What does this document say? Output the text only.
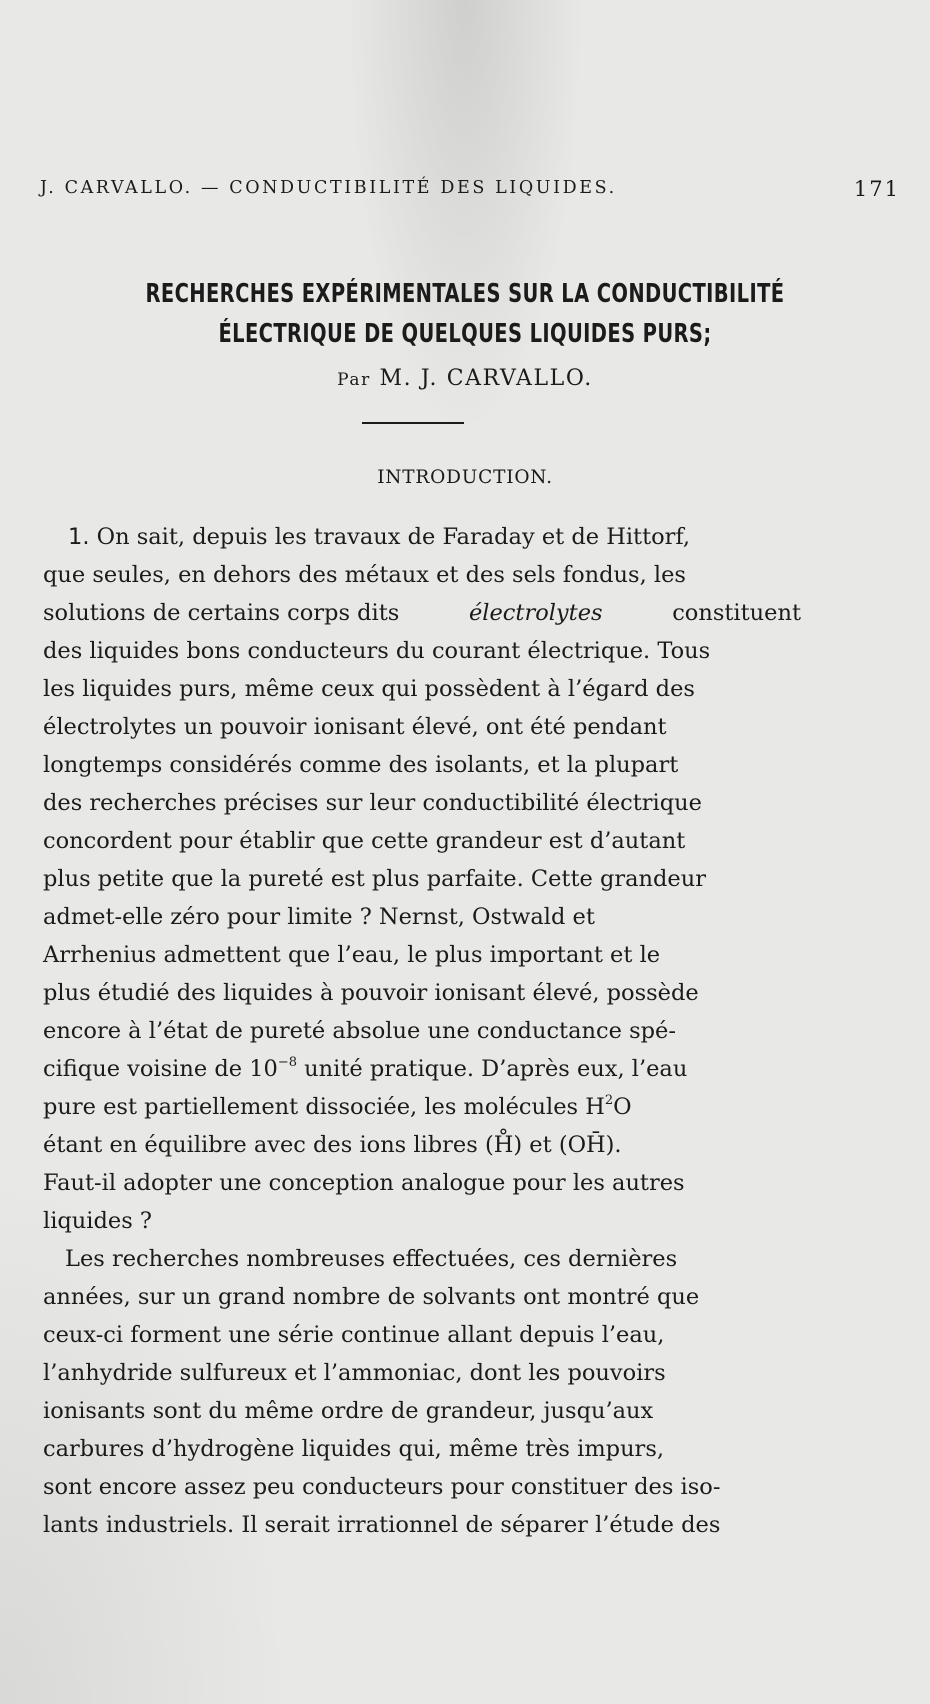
J. CARVALLO. — CONDUCTIBILITÉ DES LIQUIDES.	171
RECHERCHES EXPÉRIMENTALES SUR LA CONDUCTIBILITÉ
ÉLECTRIQUE DE QUELQUES LIQUIDES PURS;
Par M. J. CARVALLO.
INTRODUCTION.
1. On sait, depuis les travaux de Faraday et de Hittorf,
que seules, en dehors des métaux et des sels fondus, les
solutions de certains corps dits	électrolytes	constituent
des liquides bons conducteurs du courant électrique. Tous
les liquides purs, même ceux qui possèdent à l’égard des
électrolytes un pouvoir ionisant élevé, ont été pendant
longtemps considérés comme des isolants, et la plupart
des recherches précises sur leur conductibilité électrique
concordent pour établir que cette grandeur est d’autant
plus petite que la pureté est plus parfaite. Cette grandeur
admet-elle zéro pour limite ? Nernst, Ostwald et
Arrhenius admettent que l’eau, le plus important et le
plus étudié des liquides à pouvoir ionisant élevé, possède
encore à l’état de pureté absolue une conductance spé-
cifique voisine de $10^{-8}$ unité pratique. D’après eux, l’eau
pure est partiellement dissociée, les molécules $H^2O$
étant en équilibre avec des ions libres (H̊) et (OH̄).
Faut-il adopter une conception analogue pour les autres
liquides ?
Les recherches nombreuses effectuées, ces dernières
années, sur un grand nombre de solvants ont montré que
ceux-ci forment une série continue allant depuis l’eau,
l’anhydride sulfureux et l’ammoniac, dont les pouvoirs
ionisants sont du même ordre de grandeur, jusqu’aux
carbures d’hydrogène liquides qui, même très impurs,
sont encore assez peu conducteurs pour constituer des iso-
lants industriels. Il serait irrationnel de séparer l’étude des
